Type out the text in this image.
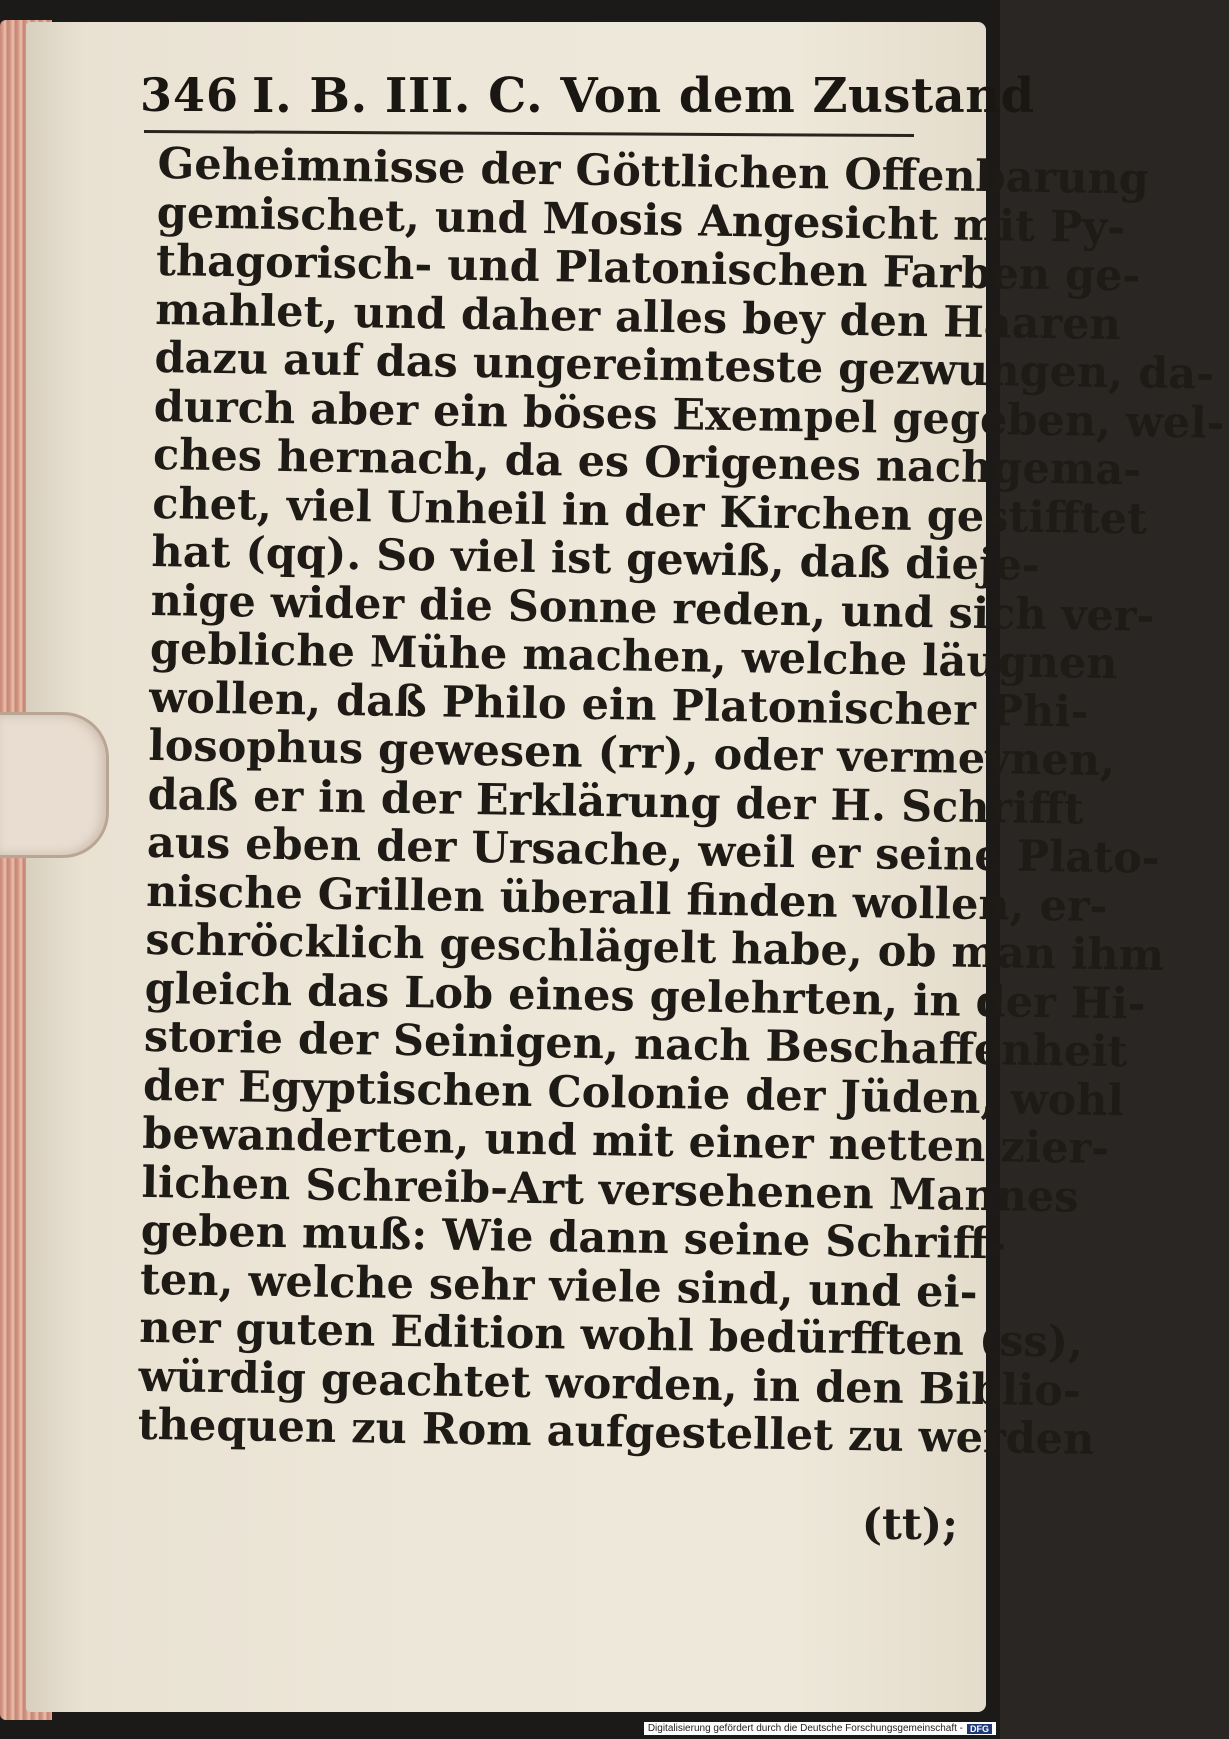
346 I. B. III. C. Von dem Zustand
Geheimnisse der Göttlichen Offenbarung
gemischet, und Mosis Angesicht mit Py-
thagorisch- und Platonischen Farben ge-
mahlet, und daher alles bey den Haaren
dazu auf das ungereimteste gezwungen, da-
durch aber ein böses Exempel gegeben, wel-
ches hernach, da es Origenes nachgema-
chet, viel Unheil in der Kirchen gestifftet
hat (qq). So viel ist gewiß, daß dieje-
nige wider die Sonne reden, und sich ver-
gebliche Mühe machen, welche läugnen
wollen, daß Philo ein Platonischer Phi-
losophus gewesen (rr), oder vermeynen,
daß er in der Erklärung der H. Schrifft
aus eben der Ursache, weil er seine Plato-
nische Grillen überall finden wollen, er-
schröcklich geschlägelt habe, ob man ihm
gleich das Lob eines gelehrten, in der Hi-
storie der Seinigen, nach Beschaffenheit
der Egyptischen Colonie der Jüden, wohl
bewanderten, und mit einer netten zier-
lichen Schreib-Art versehenen Mannes
geben muß: Wie dann seine Schriff-
ten, welche sehr viele sind, und ei-
ner guten Edition wohl bedürfften (ss),
würdig geachtet worden, in den Biblio-
thequen zu Rom aufgestellet zu werden
(tt);
Digitalisierung gefördert durch die Deutsche Forschungsgemeinschaft - DFG
